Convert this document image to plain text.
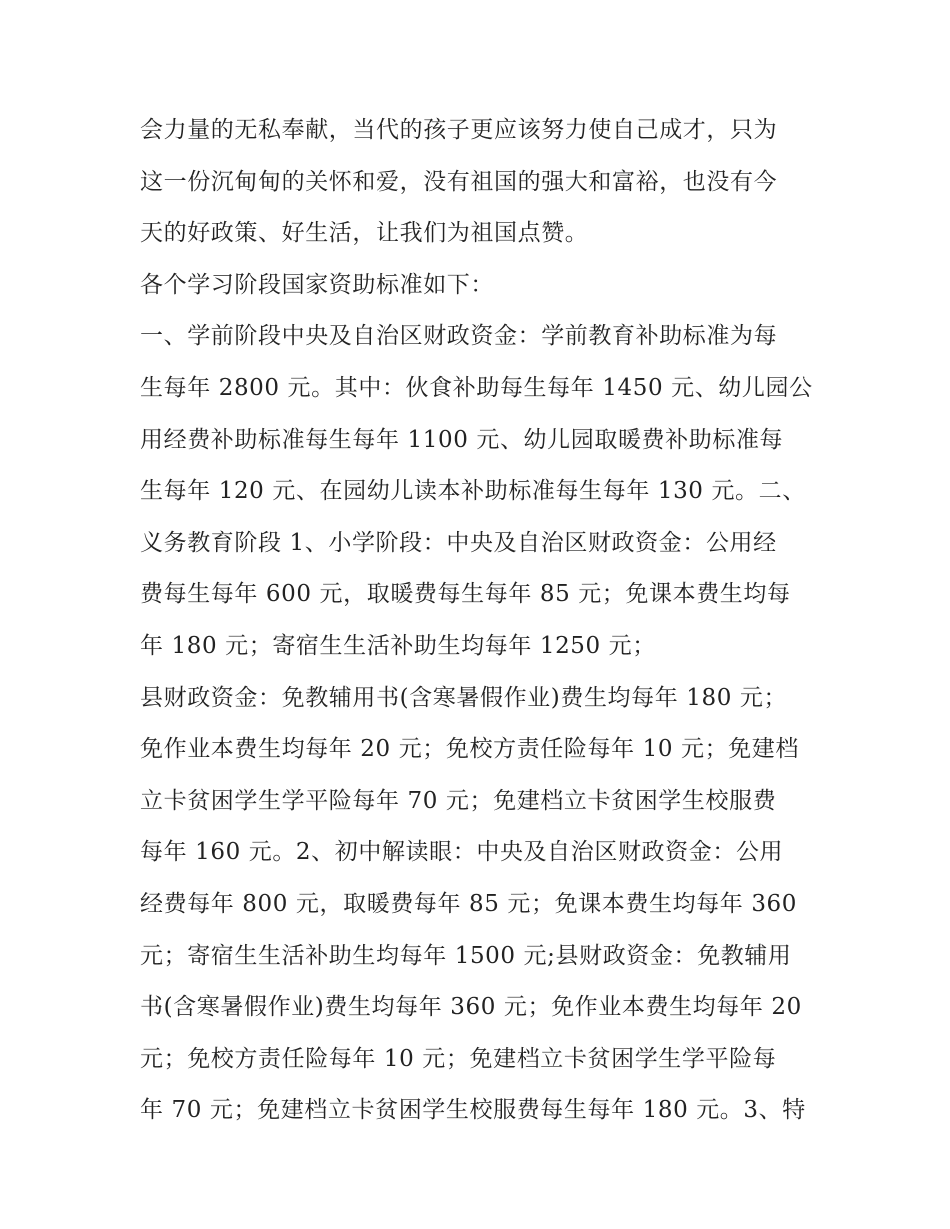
会力量的无私奉献，当代的孩子更应该努力使自己成才，只为
这一份沉甸甸的关怀和爱，没有祖国的强大和富裕，也没有今
天的好政策、好生活，让我们为祖国点赞。
各个学习阶段国家资助标准如下：
一、学前阶段中央及自治区财政资金：学前教育补助标准为每
生每年 2800 元。其中：伙食补助每生每年 1450 元、幼儿园公
用经费补助标准每生每年 1100 元、幼儿园取暖费补助标准每
生每年 120 元、在园幼儿读本补助标准每生每年 130 元。二、
义务教育阶段 1、小学阶段：中央及自治区财政资金：公用经
费每生每年 600 元，取暖费每生每年 85 元；免课本费生均每
年 180 元；寄宿生生活补助生均每年 1250 元；
县财政资金：免教辅用书(含寒暑假作业)费生均每年 180 元；
免作业本费生均每年 20 元；免校方责任险每年 10 元；免建档
立卡贫困学生学平险每年 70 元；免建档立卡贫困学生校服费
每年 160 元。2、初中解读眼：中央及自治区财政资金：公用
经费每年 800 元，取暖费每年 85 元；免课本费生均每年 360
元；寄宿生生活补助生均每年 1500 元;县财政资金：免教辅用
书(含寒暑假作业)费生均每年 360 元；免作业本费生均每年 20
元；免校方责任险每年 10 元；免建档立卡贫困学生学平险每
年 70 元；免建档立卡贫困学生校服费每生每年 180 元。3、特
